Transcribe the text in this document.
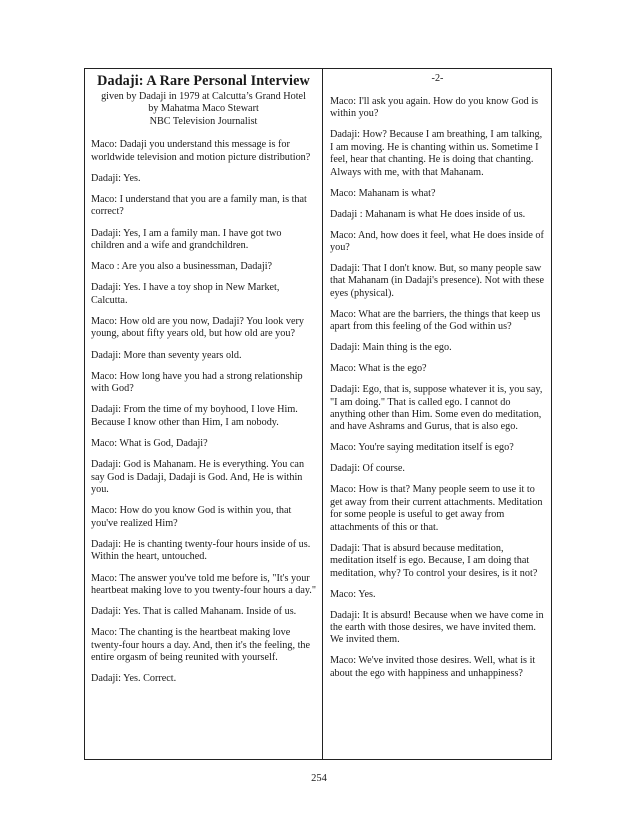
Dadaji: A Rare Personal Interview
given by Dadaji in 1979 at Calcutta’s Grand Hotel
by Mahatma Maco Stewart
NBC Television Journalist

Maco: Dadaji you understand this message is for worldwide television and motion picture distribution?

Dadaji: Yes.

Maco: I understand that you are a family man, is that correct?

Dadaji: Yes, I am a family man. I have got two children and a wife and grandchildren.

Maco : Are you also a businessman, Dadaji?

Dadaji: Yes. I have a toy shop in New Market, Calcutta.

Maco: How old are you now, Dadaji? You look very young, about fifty years old, but how old are you?

Dadaji: More than seventy years old.

Maco: How long have you had a strong relationship with God?

Dadaji: From the time of my boyhood, I love Him. Because I know other than Him, I am nobody.

Maco: What is God, Dadaji?

Dadaji: God is Mahanam. He is everything. You can say God is Dadaji, Dadaji is God. And, He is within you.

Maco: How do you know God is within you, that you've realized Him?

Dadaji: He is chanting twenty-four hours inside of us. Within the heart, untouched.

Maco: The answer you've told me before is, "It's your heartbeat making love to you twenty-four hours a day."

Dadaji: Yes. That is called Mahanam. Inside of us.

Maco: The chanting is the heartbeat making love twenty-four hours a day. And, then it's the feeling, the entire orgasm of being reunited with yourself.

Dadaji: Yes. Correct.

-2-

Maco: I'll ask you again. How do you know God is within you?

Dadaji: How? Because I am breathing, I am talking, I am moving. He is chanting within us. Sometime I feel, hear that chanting. He is doing that chanting. Always with me, with that Mahanam.

Maco: Mahanam is what?

Dadaji : Mahanam is what He does inside of us.

Maco: And, how does it feel, what He does inside of you?

Dadaji: That I don't know. But, so many people saw that Mahanam (in Dadaji's presence). Not with these eyes (physical).

Maco: What are the barriers, the things that keep us apart from this feeling of the God within us?

Dadaji: Main thing is the ego.

Maco: What is the ego?

Dadaji: Ego, that is, suppose whatever it is, you say, "I am doing." That is called ego. I cannot do anything other than Him. Some even do meditation, and have Ashrams and Gurus, that is also ego.

Maco: You're saying meditation itself is ego?

Dadaji: Of course.

Maco: How is that? Many people seem to use it to get away from their current attachments. Meditation for some people is useful to get away from attachments of this or that.

Dadaji: That is absurd because meditation, meditation itself is ego. Because, I am doing that meditation, why? To control your desires, is it not?

Maco: Yes.

Dadaji: It is absurd! Because when we have come in the earth with those desires, we have invited them. We invited them.

Maco: We've invited those desires. Well, what is it about the ego with happiness and unhappiness?

254
